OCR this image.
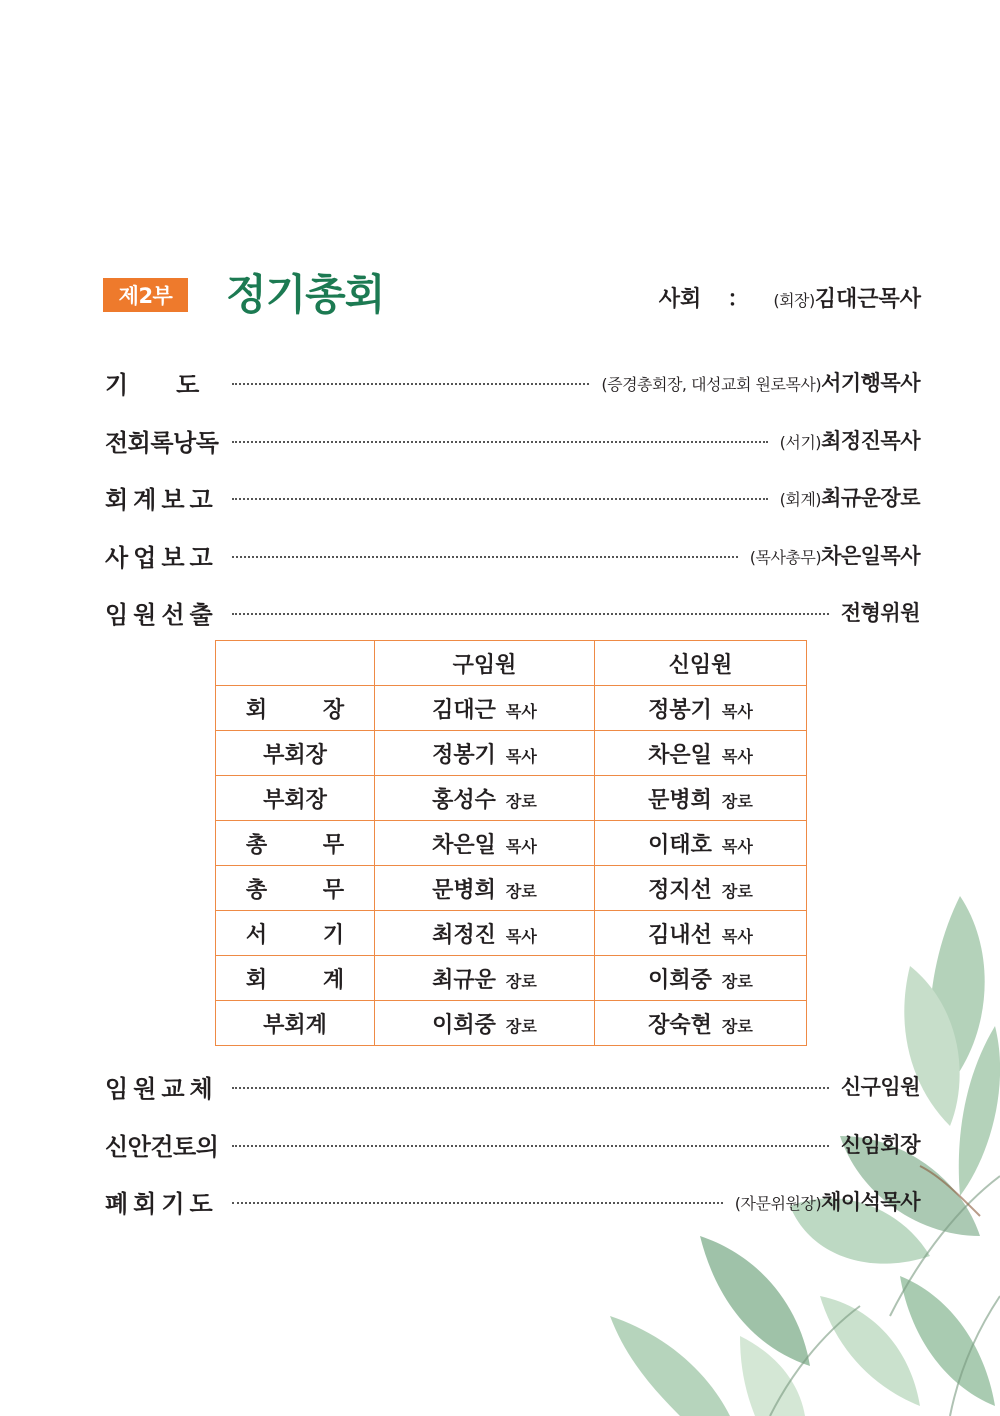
제2부	정기총회	사회 ： (회장) 김대근목사
기　　도	(증경총회장, 대성교회 원로목사)서기행목사
전회록낭독	(서기)최정진목사
회계보고	(회계)최규운장로
사업보고	(목사총무)차은일목사
임원선출	전형위원
	구임원	신임원
회 장	김대근 목사	정봉기 목사
부회장	정봉기 목사	차은일 목사
부회장	홍성수 장로	문병희 장로
총 무	차은일 목사	이태호 목사
총 무	문병희 장로	정지선 장로
서 기	최정진 목사	김내선 목사
회 계	최규운 장로	이희중 장로
부회계	이희중 장로	장숙현 장로
임원교체	신구임원
신안건토의	신임회장
폐회기도	(자문위원장)채이석목사
